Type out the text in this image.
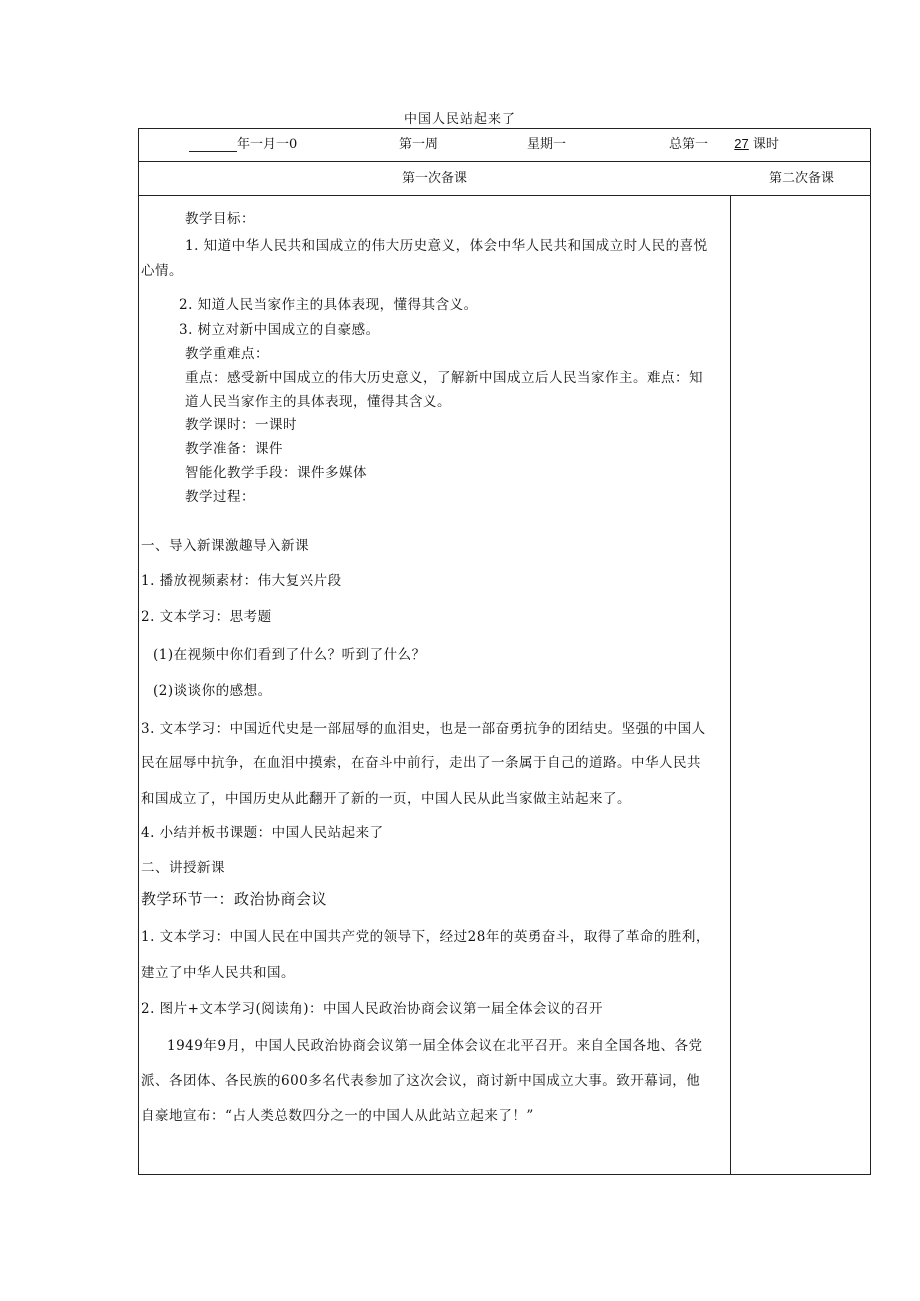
中国人民站起来了
年一月一0	第一周	星期一	总第一 27 课时
第一次备课	第二次备课
教学目标：
1. 知道中华人民共和国成立的伟大历史意义，体会中华人民共和国成立时人民的喜悦
心情。
2. 知道人民当家作主的具体表现，懂得其含义。
3. 树立对新中国成立的自豪感。
教学重难点：
重点：感受新中国成立的伟大历史意义，了解新中国成立后人民当家作主。难点：知
道人民当家作主的具体表现，懂得其含义。
教学课时：一课时
教学准备：课件
智能化教学手段：课件多媒体
教学过程：
一、导入新课激趣导入新课
1. 播放视频素材：伟大复兴片段
2. 文本学习：思考题
(1)在视频中你们看到了什么？听到了什么？
(2)谈谈你的感想。
3. 文本学习：中国近代史是一部屈辱的血泪史，也是一部奋勇抗争的团结史。坚强的中国人
民在屈辱中抗争，在血泪中摸索，在奋斗中前行，走出了一条属于自己的道路。中华人民共
和国成立了，中国历史从此翻开了新的一页，中国人民从此当家做主站起来了。
4. 小结并板书课题：中国人民站起来了
二、讲授新课
教学环节一：政治协商会议
1. 文本学习：中国人民在中国共产党的领导下，经过28年的英勇奋斗，取得了革命的胜利，
建立了中华人民共和国。
2. 图片+文本学习(阅读角)：中国人民政治协商会议第一届全体会议的召开
1949年9月，中国人民政治协商会议第一届全体会议在北平召开。来自全国各地、各党
派、各团体、各民族的600多名代表参加了这次会议，商讨新中国成立大事。致开幕词，他
自豪地宣布：“占人类总数四分之一的中国人从此站立起来了！”
